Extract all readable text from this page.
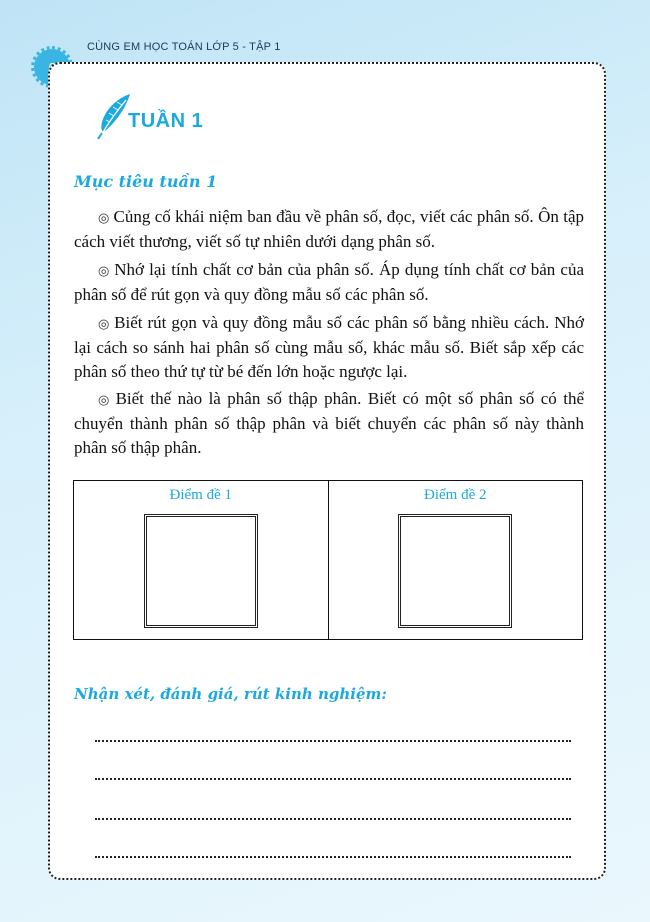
CÙNG EM HỌC TOÁN LỚP 5 - TẬP 1
TUẦN 1
Mục tiêu tuần 1

◎ Củng cố khái niệm ban đầu về phân số, đọc, viết các phân số. Ôn tập cách viết thương, viết số tự nhiên dưới dạng phân số.

◎ Nhớ lại tính chất cơ bản của phân số. Áp dụng tính chất cơ bản của phân số để rút gọn và quy đồng mẫu số các phân số.

◎ Biết rút gọn và quy đồng mẫu số các phân số bằng nhiều cách. Nhớ lại cách so sánh hai phân số cùng mẫu số, khác mẫu số. Biết sắp xếp các phân số theo thứ tự từ bé đến lớn hoặc ngược lại.

◎ Biết thế nào là phân số thập phân. Biết có một số phân số có thể chuyển thành phân số thập phân và biết chuyển các phân số này thành phân số thập phân.

Điểm đề 1	Điểm đề 2
Nhận xét, đánh giá, rút kinh nghiệm:
